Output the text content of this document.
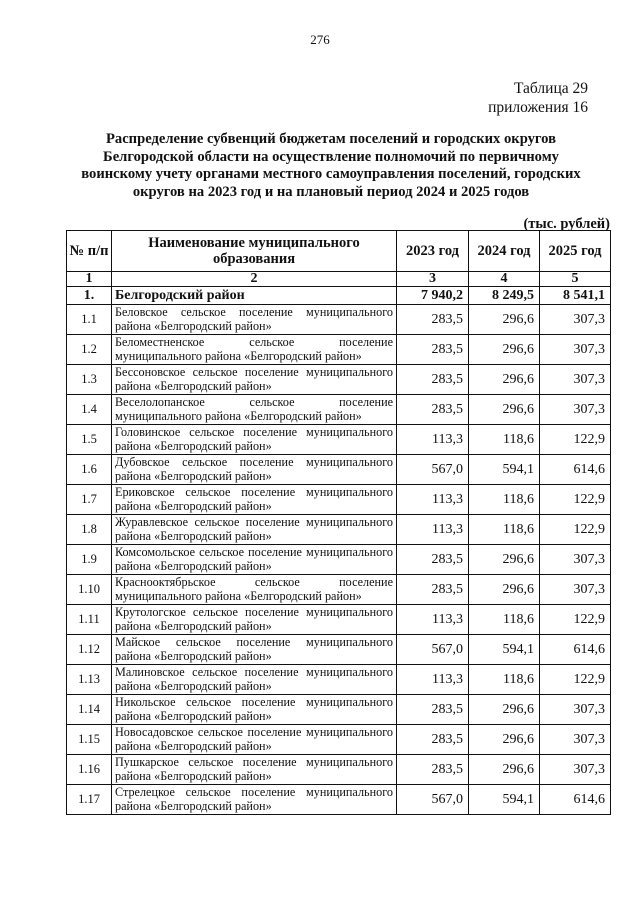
276
Таблица 29
приложения 16
Распределение субвенций бюджетам поселений и городских округов Белгородской области на осуществление полномочий по первичному воинскому учету органами местного самоуправления поселений, городских округов на 2023 год и на плановый период 2024 и 2025 годов
(тыс. рублей)
№ п/п	Наименование муниципального образования	2023 год	2024 год	2025 год
1	2	3	4	5
1.	Белгородский район	7 940,2	8 249,5	8 541,1
1.1	Беловское сельское поселение муниципального района «Белгородский район»	283,5	296,6	307,3
1.2	Беломестненское сельское поселение муниципального района «Белгородский район»	283,5	296,6	307,3
1.3	Бессоновское сельское поселение муниципального района «Белгородский район»	283,5	296,6	307,3
1.4	Веселолопанское сельское поселение муниципального района «Белгородский район»	283,5	296,6	307,3
1.5	Головинское сельское поселение муниципального района «Белгородский район»	113,3	118,6	122,9
1.6	Дубовское сельское поселение муниципального района «Белгородский район»	567,0	594,1	614,6
1.7	Ериковское сельское поселение муниципального района «Белгородский район»	113,3	118,6	122,9
1.8	Журавлевское сельское поселение муниципального района «Белгородский район»	113,3	118,6	122,9
1.9	Комсомольское сельское поселение муниципального района «Белгородский район»	283,5	296,6	307,3
1.10	Краснооктябрьское сельское поселение муниципального района «Белгородский район»	283,5	296,6	307,3
1.11	Крутологское сельское поселение муниципального района «Белгородский район»	113,3	118,6	122,9
1.12	Майское сельское поселение муниципального района «Белгородский район»	567,0	594,1	614,6
1.13	Малиновское сельское поселение муниципального района «Белгородский район»	113,3	118,6	122,9
1.14	Никольское сельское поселение муниципального района «Белгородский район»	283,5	296,6	307,3
1.15	Новосадовское сельское поселение муниципального района «Белгородский район»	283,5	296,6	307,3
1.16	Пушкарское сельское поселение муниципального района «Белгородский район»	283,5	296,6	307,3
1.17	Стрелецкое сельское поселение муниципального района «Белгородский район»	567,0	594,1	614,6
